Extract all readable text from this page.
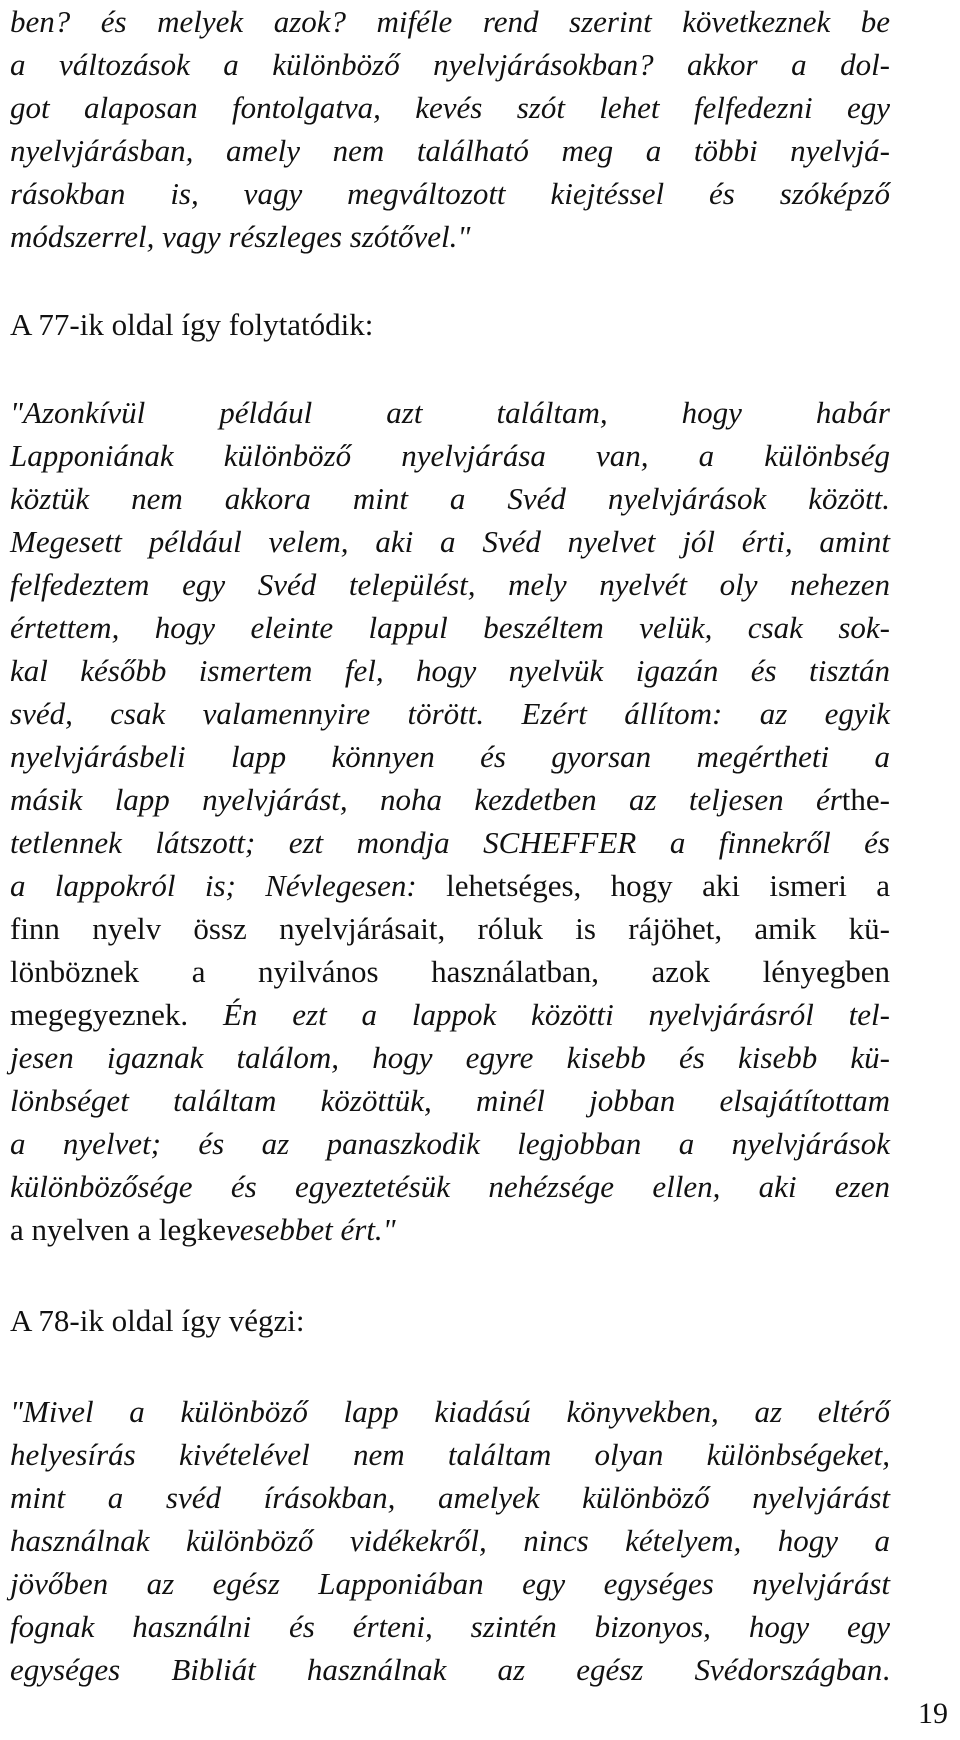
ben? és melyek azok? miféle rend szerint következnek be
a változások a különböző nyelvjárásokban? akkor a dol-
got alaposan fontolgatva, kevés szót lehet felfedezni egy
nyelvjárásban, amely nem található meg a többi nyelvjá-
rásokban is, vagy megváltozott kiejtéssel és szóképző
módszerrel, vagy részleges szótővel."
A 77-ik oldal így folytatódik:
"Azonkívül például azt találtam, hogy habár
Lapponiának különböző nyelvjárása van, a különbség
köztük nem akkora mint a Svéd nyelvjárások között.
Megesett például velem, aki a Svéd nyelvet jól érti, amint
felfedeztem egy Svéd települést, mely nyelvét oly nehezen
értettem, hogy eleinte lappul beszéltem velük, csak sok-
kal később ismertem fel, hogy nyelvük igazán és tisztán
svéd, csak valamennyire törött. Ezért állítom: az egyik
nyelvjárásbeli lapp könnyen és gyorsan megértheti a
másik lapp nyelvjárást, noha kezdetben az teljesen érthe-
tetlennek látszott; ezt mondja SCHEFFER a finnekről és
a lappokról is; Névlegesen: lehetséges, hogy aki ismeri a
finn nyelv össz nyelvjárásait, róluk is rájöhet, amik kü-
lönböznek a nyilvános használatban, azok lényegben
megegyeznek. Én ezt a lappok közötti nyelvjárásról tel-
jesen igaznak találom, hogy egyre kisebb és kisebb kü-
lönbséget találtam közöttük, minél jobban elsajátítottam
a nyelvet; és az panaszkodik legjobban a nyelvjárások
különbözősége és egyeztetésük nehézsége ellen, aki ezen
a nyelven a legkevesebbet ért."
A 78-ik oldal így végzi:
"Mivel a különböző lapp kiadású könyvekben, az eltérő
helyesírás kivételével nem találtam olyan különbségeket,
mint a svéd írásokban, amelyek különböző nyelvjárást
használnak különböző vidékekről, nincs kételyem, hogy a
jövőben az egész Lapponiában egy egységes nyelvjárást
fognak használni és érteni, szintén bizonyos, hogy egy
egységes Bibliát használnak az egész Svédországban.
19
